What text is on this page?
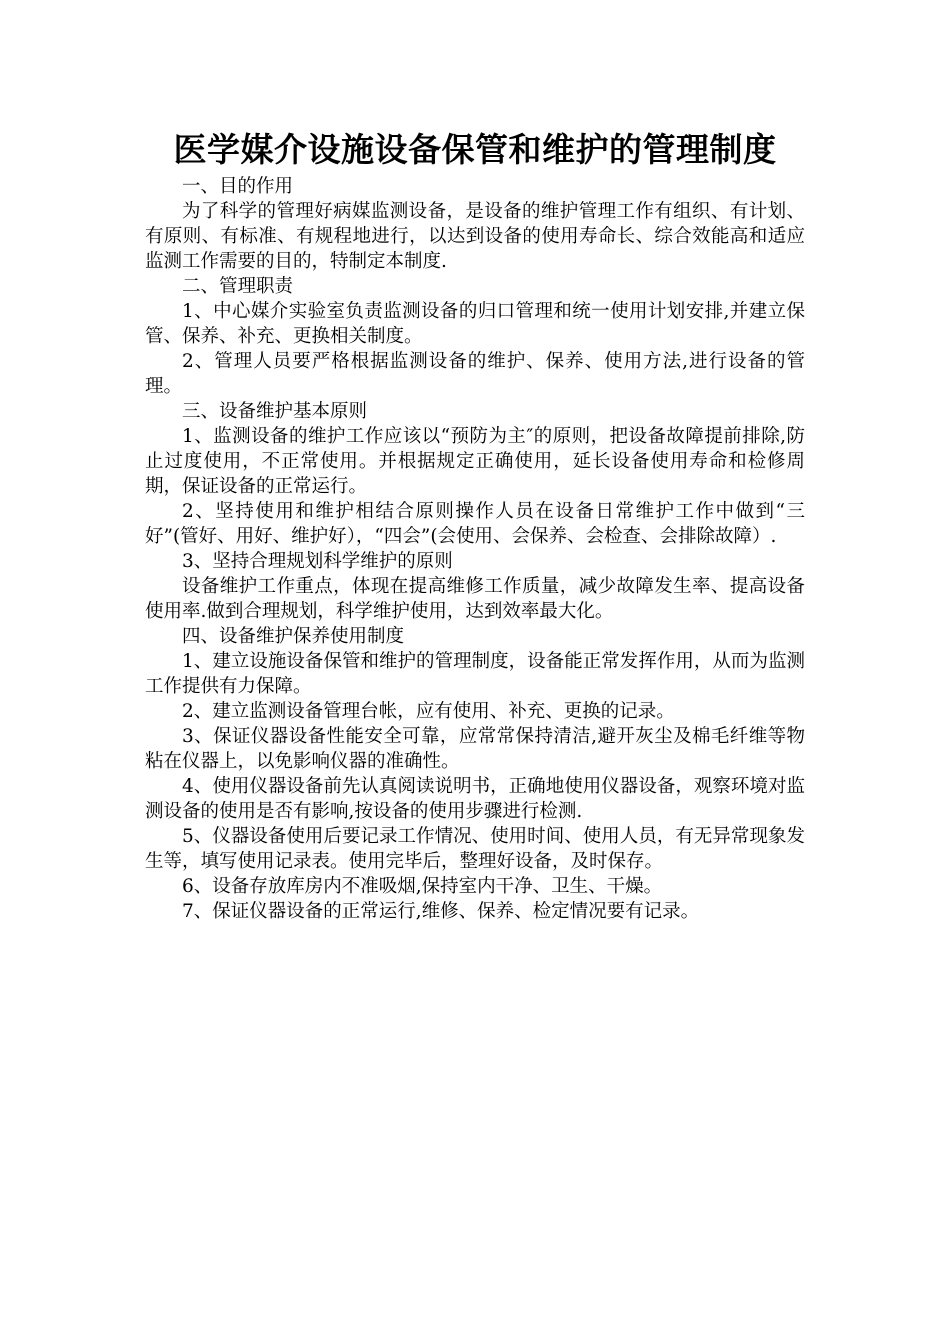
医学媒介设施设备保管和维护的管理制度

一、目的作用

为了科学的管理好病媒监测设备，是设备的维护管理工作有组织、有计划、有原则、有标准、有规程地进行，以达到设备的使用寿命长、综合效能高和适应监测工作需要的目的，特制定本制度.

二、管理职责

1、中心媒介实验室负责监测设备的归口管理和统一使用计划安排,并建立保管、保养、补充、更换相关制度。

2、管理人员要严格根据监测设备的维护、保养、使用方法,进行设备的管理。

三、设备维护基本原则

1、监测设备的维护工作应该以“预防为主″的原则，把设备故障提前排除,防止过度使用，不正常使用。并根据规定正确使用，延长设备使用寿命和检修周期，保证设备的正常运行。

2、坚持使用和维护相结合原则操作人员在设备日常维护工作中做到“三好”(管好、用好、维护好），“四会”(会使用、会保养、会检查、会排除故障）.

3、坚持合理规划科学维护的原则

设备维护工作重点，体现在提高维修工作质量，减少故障发生率、提高设备使用率.做到合理规划，科学维护使用，达到效率最大化。

四、设备维护保养使用制度

1、建立设施设备保管和维护的管理制度，设备能正常发挥作用，从而为监测工作提供有力保障。

2、建立监测设备管理台帐，应有使用、补充、更换的记录。

3、保证仪器设备性能安全可靠，应常常保持清洁,避开灰尘及棉毛纤维等物粘在仪器上，以免影响仪器的准确性。

4、使用仪器设备前先认真阅读说明书，正确地使用仪器设备，观察环境对监测设备的使用是否有影响,按设备的使用步骤进行检测.

5、仪器设备使用后要记录工作情况、使用时间、使用人员，有无异常现象发生等，填写使用记录表。使用完毕后，整理好设备，及时保存。

6、设备存放库房内不准吸烟,保持室内干净、卫生、干燥。

7、保证仪器设备的正常运行,维修、保养、检定情况要有记录。
